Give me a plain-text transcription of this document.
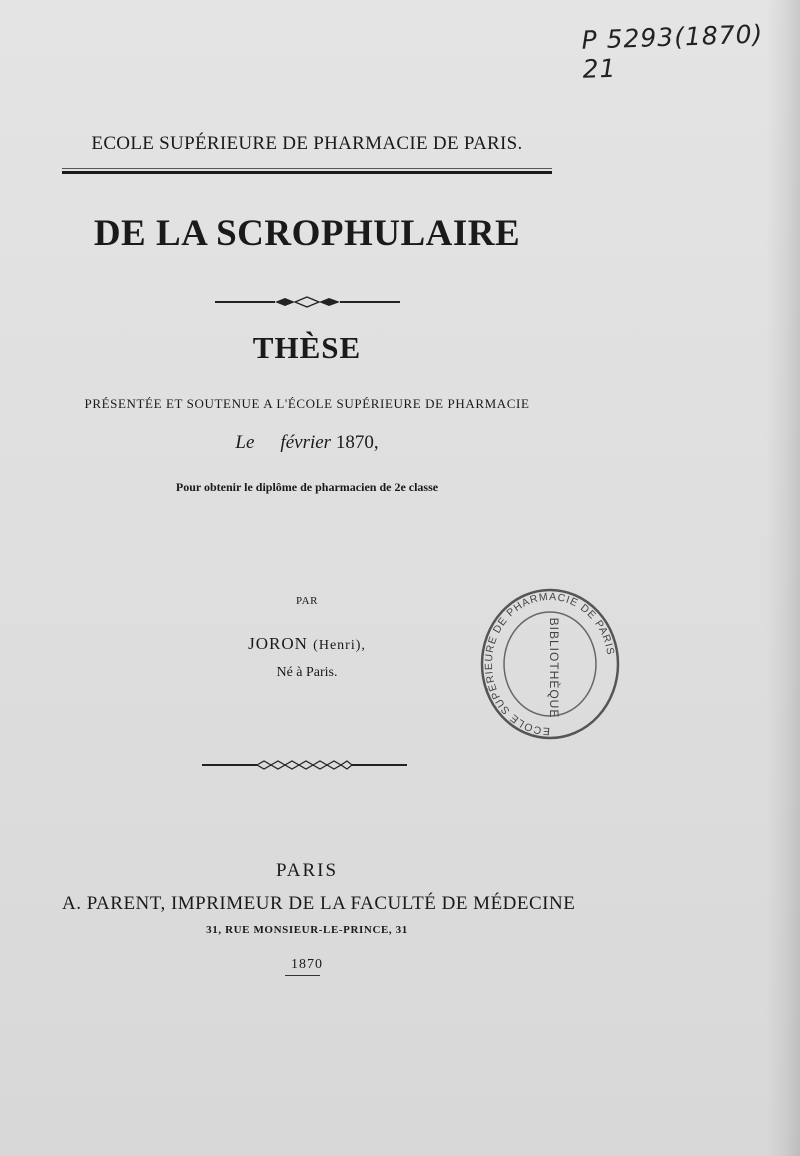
P 5293(1870) 21
ECOLE SUPÉRIEURE DE PHARMACIE DE PARIS.
DE LA SCROPHULAIRE
THÈSE
PRÉSENTÉE ET SOUTENUE A L'ÉCOLE SUPÉRIEURE DE PHARMACIE
Le février 1870,
Pour obtenir le diplôme de pharmacien de 2e classe
PAR
JORON (Henri),
Né à Paris.
PARIS
A. PARENT, IMPRIMEUR DE LA FACULTÉ DE MÉDECINE
31, RUE MONSIEUR-LE-PRINCE, 31
1870
ECOLE SUPÉRIEURE DE PHARMACIE DE PARIS
BIBLIOTHÈQUE
